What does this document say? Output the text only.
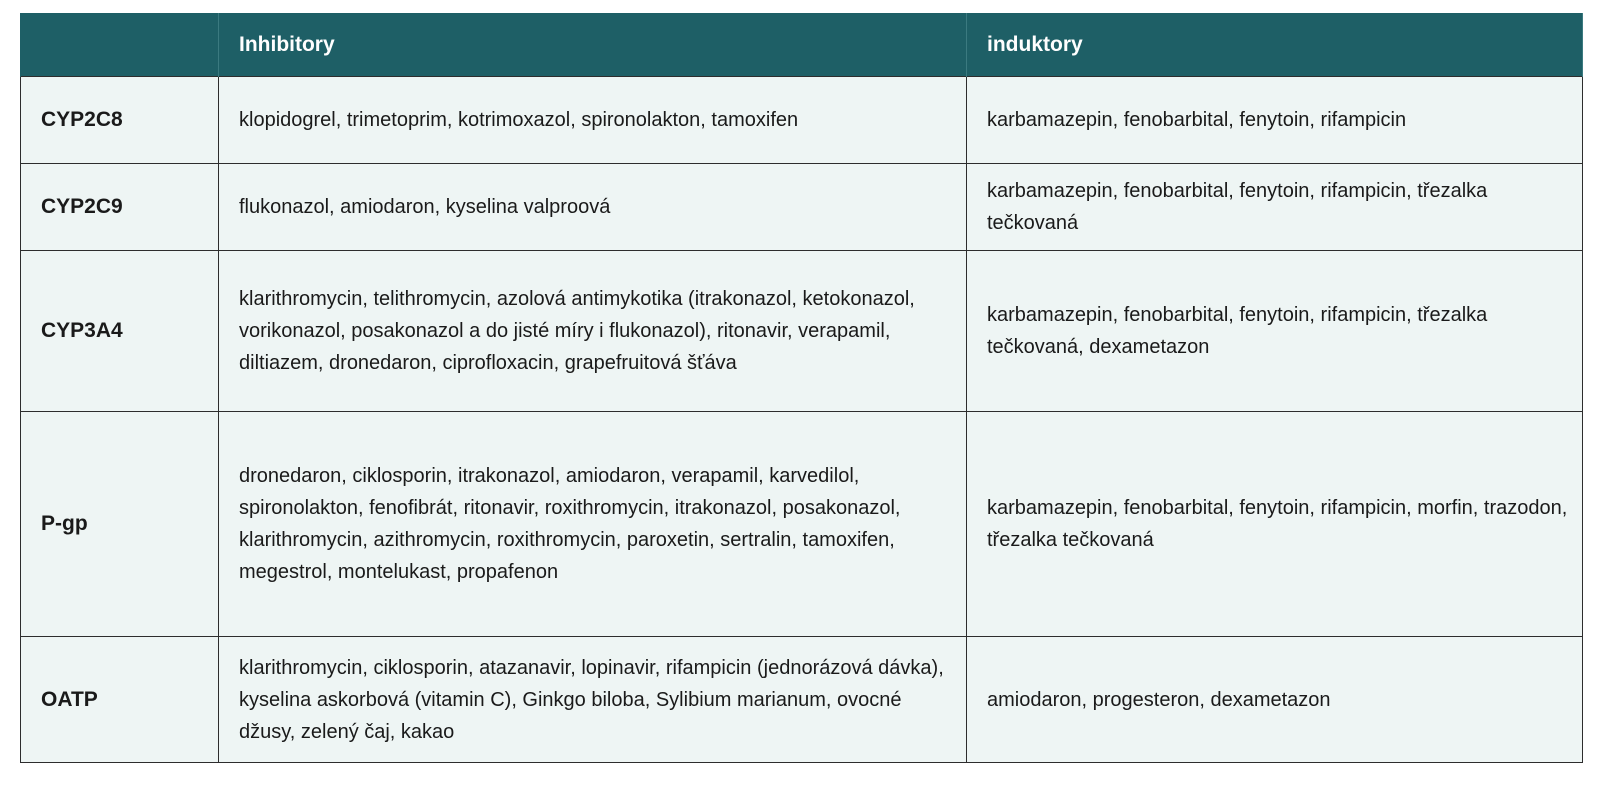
	Inhibitory	induktory
CYP2C8	klopidogrel, trimetoprim, kotrimoxazol, spironolakton, tamoxifen	karbamazepin, fenobarbital, fenytoin, rifampicin
CYP2C9	flukonazol, amiodaron, kyselina valproová	karbamazepin, fenobarbital, fenytoin, rifampicin, třezalka tečkovaná
CYP3A4	klarithromycin, telithromycin, azolová antimykotika (itrakonazol, ketokonazol, vorikonazol, posakonazol a do jisté míry i flukonazol), ritonavir, verapamil, diltiazem, dronedaron, ciprofloxacin, grapefruitová šťáva	karbamazepin, fenobarbital, fenytoin, rifampicin, třezalka tečkovaná, dexametazon
P-gp	dronedaron, ciklosporin, itrakonazol, amiodaron, verapamil, karvedilol, spironolakton, fenofibrát, ritonavir, roxithromycin, itrakonazol, posakonazol, klarithromycin, azithromycin, roxithromycin, paroxetin, sertralin, tamoxifen, megestrol, montelukast, propafenon	karbamazepin, fenobarbital, fenytoin, rifampicin, morfin, trazodon, třezalka tečkovaná
OATP	klarithromycin, ciklosporin, atazanavir, lopinavir, rifampicin (jednorázová dávka), kyselina askorbová (vitamin C), Ginkgo biloba, Sylibium marianum, ovocné džusy, zelený čaj, kakao	amiodaron, progesteron, dexametazon
